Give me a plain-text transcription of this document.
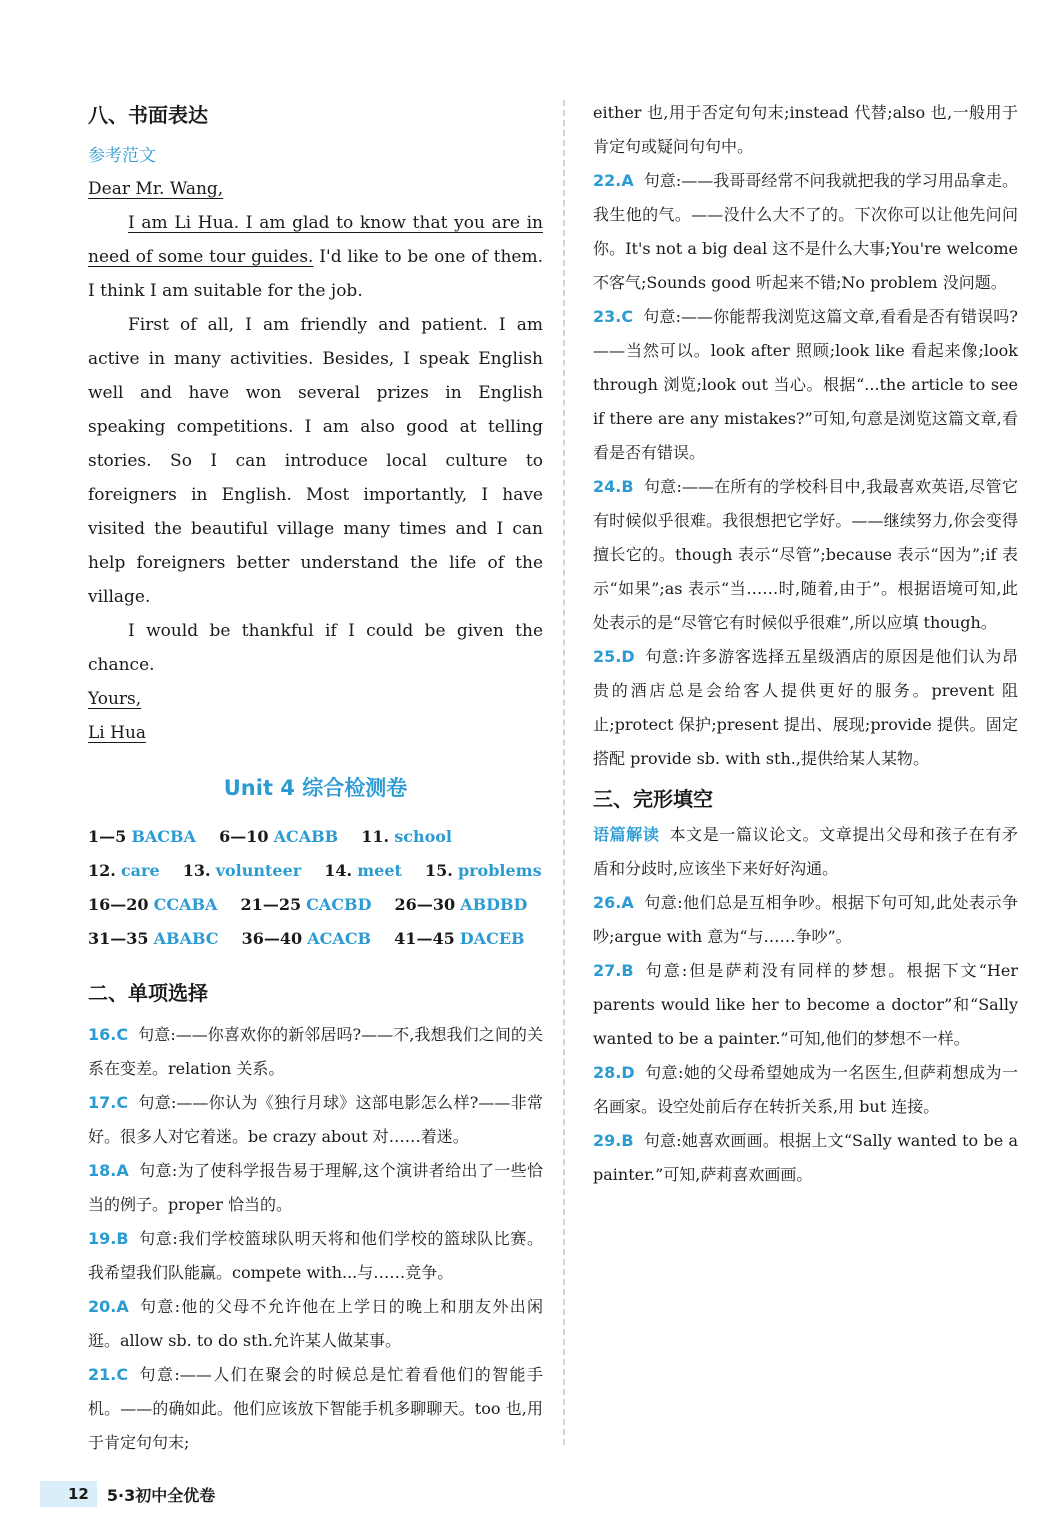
八、书面表达
参考范文

Dear Mr. Wang,

I am Li Hua. I am glad to know that you are in need of some tour guides. I'd like to be one of them. I think I am suitable for the job.

First of all, I am friendly and patient. I am active in many activities. Besides, I speak English well and have won several prizes in English speaking competitions. I am also good at telling stories. So I can introduce local culture to foreigners in English. Most importantly, I have visited the beautiful village many times and I can help foreigners better understand the life of the village.

I would be thankful if I could be given the chance.

Yours,

Li Hua

Unit 4 综合检测卷
1—5 BACBA 6—10 ACABB 11. school
12. care 13. volunteer 14. meet 15. problems
16—20 CCABA 21—25 CACBD 26—30 ABDBD
31—35 ABABC 36—40 ACACB 41—45 DACEB
二、单项选择

16.C 句意:——你喜欢你的新邻居吗?——不,我想我们之间的关系在变差。relation 关系。

17.C 句意:——你认为《独行月球》这部电影怎么样?——非常好。很多人对它着迷。be crazy about 对……着迷。

18.A 句意:为了使科学报告易于理解,这个演讲者给出了一些恰当的例子。proper 恰当的。

19.B 句意:我们学校篮球队明天将和他们学校的篮球队比赛。我希望我们队能赢。compete with...与……竞争。

20.A 句意:他的父母不允许他在上学日的晚上和朋友外出闲逛。allow sb. to do sth.允许某人做某事。

21.C 句意:——人们在聚会的时候总是忙着看他们的智能手机。——的确如此。他们应该放下智能手机多聊聊天。too 也,用于肯定句句末;

either 也,用于否定句句末;instead 代替;also 也,一般用于肯定句或疑问句句中。

22.A 句意:——我哥哥经常不问我就把我的学习用品拿走。我生他的气。——没什么大不了的。下次你可以让他先问问你。It's not a big deal 这不是什么大事;You're welcome 不客气;Sounds good 听起来不错;No problem 没问题。

23.C 句意:——你能帮我浏览这篇文章,看看是否有错误吗?——当然可以。look after 照顾;look like 看起来像;look through 浏览;look out 当心。根据“...the article to see if there are any mistakes?”可知,句意是浏览这篇文章,看看是否有错误。

24.B 句意:——在所有的学校科目中,我最喜欢英语,尽管它有时候似乎很难。我很想把它学好。——继续努力,你会变得擅长它的。though 表示“尽管”;because 表示“因为”;if 表示“如果”;as 表示“当……时,随着,由于”。根据语境可知,此处表示的是“尽管它有时候似乎很难”,所以应填 though。

25.D 句意:许多游客选择五星级酒店的原因是他们认为昂贵的酒店总是会给客人提供更好的服务。prevent 阻止;protect 保护;present 提出、展现;provide 提供。固定搭配 provide sb. with sth.,提供给某人某物。

三、完形填空

语篇解读 本文是一篇议论文。文章提出父母和孩子在有矛盾和分歧时,应该坐下来好好沟通。

26.A 句意:他们总是互相争吵。根据下句可知,此处表示争吵;argue with 意为“与……争吵”。

27.B 句意:但是萨莉没有同样的梦想。根据下文“Her parents would like her to become a doctor”和“Sally wanted to be a painter.”可知,他们的梦想不一样。

28.D 句意:她的父母希望她成为一名医生,但萨莉想成为一名画家。设空处前后存在转折关系,用 but 连接。

29.B 句意:她喜欢画画。根据上文“Sally wanted to be a painter.”可知,萨莉喜欢画画。

12	5·3初中全优卷
